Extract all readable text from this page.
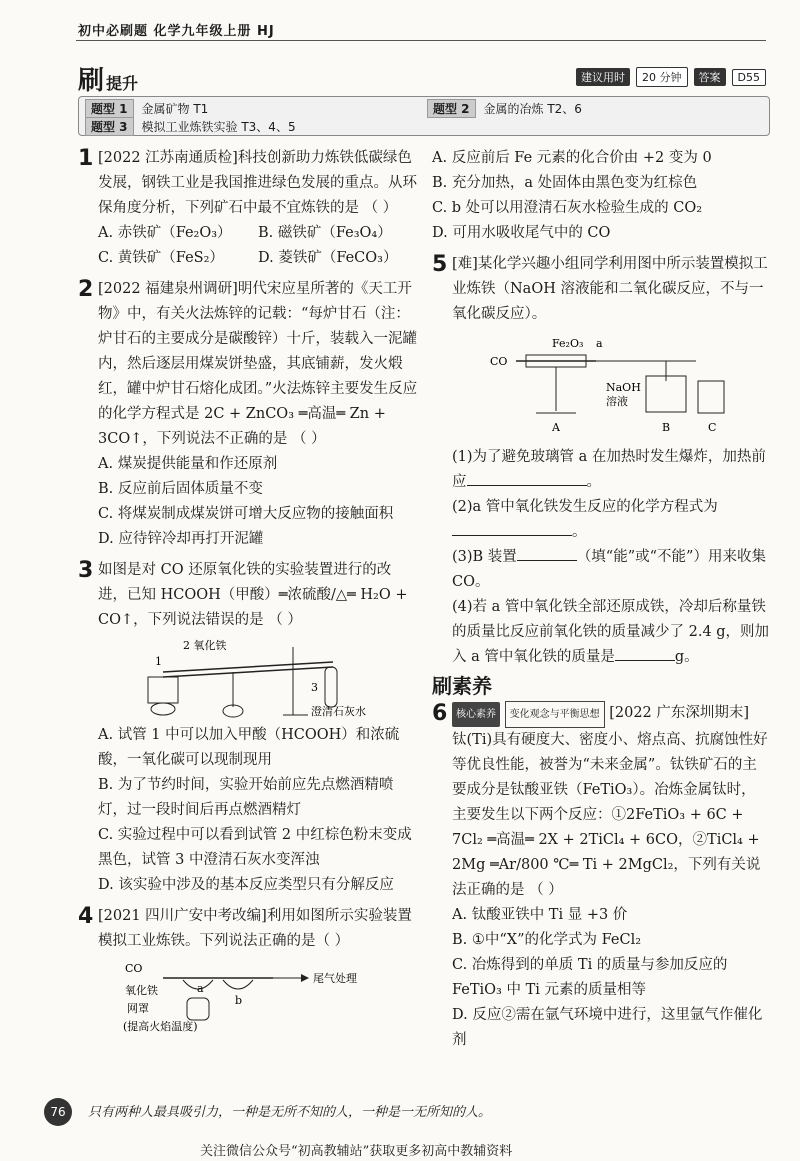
初中必刷题 化学九年级上册 HJ
刷提升	建议用时	20 分钟	答案	D55
题型 1	金属矿物 T1	题型 2	金属的冶炼 T2、6
题型 3	模拟工业炼铁实验 T3、4、5
1 [2022 江苏南通质检]科技创新助力炼铁低碳绿色发展，钢铁工业是我国推进绿色发展的重点。从环保角度分析，下列矿石中最不宜炼铁的是 （ ）

A. 赤铁矿（Fe₂O₃）	B. 磁铁矿（Fe₃O₄）
C. 黄铁矿（FeS₂）	D. 菱铁矿（FeCO₃）
2 [2022 福建泉州调研]明代宋应星所著的《天工开物》中，有关火法炼锌的记载：“每炉甘石（注：炉甘石的主要成分是碳酸锌）十斤，装载入一泥罐内，然后逐层用煤炭饼垫盛，其底铺薪，发火煅红，罐中炉甘石熔化成团。”火法炼锌主要发生反应的化学方程式是 2C + ZnCO₃ ═高温═ Zn + 3CO↑，下列说法不正确的是 （ ）

A. 煤炭提供能量和作还原剂
B. 反应前后固体质量不变
C. 将煤炭制成煤炭饼可增大反应物的接触面积
D. 应待锌冷却再打开泥罐
3 如图是对 CO 还原氧化铁的实验装置进行的改进，已知 HCOOH（甲酸）═浓硫酸/△═ H₂O + CO↑，下列说法错误的是 （ ）

1
2 氧化铁
3
澄清石灰水
A. 试管 1 中可以加入甲酸（HCOOH）和浓硫酸，一氧化碳可以现制现用
B. 为了节约时间，实验开始前应先点燃酒精喷灯，过一段时间后再点燃酒精灯
C. 实验过程中可以看到试管 2 中红棕色粉末变成黑色，试管 3 中澄清石灰水变浑浊
D. 该实验中涉及的基本反应类型只有分解反应
4 [2021 四川广安中考改编]利用如图所示实验装置模拟工业炼铁。下列说法正确的是（ ）

CO
氧化铁
网罩
(提高火焰温度)
a
b
尾气处理
A. 反应前后 Fe 元素的化合价由 +2 变为 0
B. 充分加热，a 处固体由黑色变为红棕色
C. b 处可以用澄清石灰水检验生成的 CO₂
D. 可用水吸收尾气中的 CO
5 [难]某化学兴趣小组同学利用图中所示装置模拟工业炼铁（NaOH 溶液能和二氧化碳反应，不与一氧化碳反应）。

CO
Fe₂O₃ a
NaOH
溶液
A	B	C

(1)为了避免玻璃管 a 在加热时发生爆炸，加热前应	。

(2)a 管中氧化铁发生反应的化学方程式为。

(3)B 装置	（填“能”或“不能”）用来收集 CO。

(4)若 a 管中氧化铁全部还原成铁，冷却后称量铁的质量比反应前氧化铁的质量减少了 2.4 g，则加入 a 管中氧化铁的质量是	g。

刷素养
6 核心素养 变化观念与平衡思想 [2022 广东深圳期末]

钛(Ti)具有硬度大、密度小、熔点高、抗腐蚀性好等优良性能，被誉为“未来金属”。钛铁矿石的主要成分是钛酸亚铁（FeTiO₃）。冶炼金属钛时，主要发生以下两个反应：①2FeTiO₃ + 6C + 7Cl₂ ═高温═ 2X + 2TiCl₄ + 6CO，②TiCl₄ + 2Mg ═Ar/800 ℃═ Ti + 2MgCl₂，下列有关说法正确的是 （ ）

A. 钛酸亚铁中 Ti 显 +3 价
B. ①中“X”的化学式为 FeCl₂
C. 冶炼得到的单质 Ti 的质量与参加反应的 FeTiO₃ 中 Ti 元素的质量相等
D. 反应②需在氩气环境中进行，这里氩气作催化剂
76	只有两种人最具吸引力，一种是无所不知的人，一种是一无所知的人。
关注微信公众号“初高教辅站”获取更多初高中教辅资料
